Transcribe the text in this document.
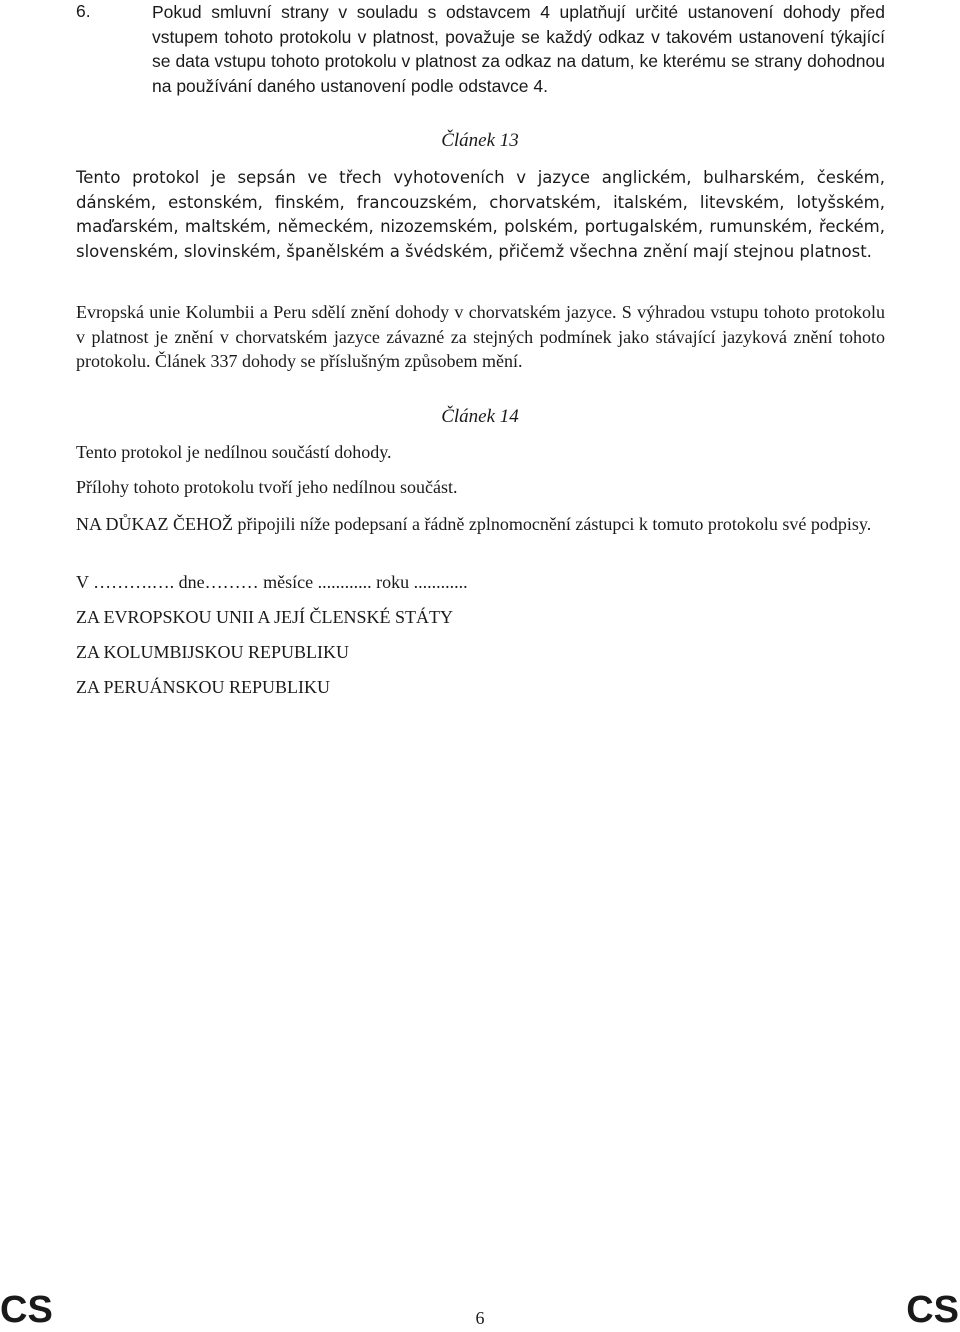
6.	Pokud smluvní strany v souladu s odstavcem 4 uplatňují určité ustanovení dohody před vstupem tohoto protokolu v platnost, považuje se každý odkaz v takovém ustanovení týkající se data vstupu tohoto protokolu v platnost za odkaz na datum, ke kterému se strany dohodnou na používání daného ustanovení podle odstavce 4.
Článek 13
Tento protokol je sepsán ve třech vyhotoveních v jazyce anglickém, bulharském, českém, dánském, estonském, finském, francouzském, chorvatském, italském, litevském, lotyšském, maďarském, maltském, německém, nizozemském, polském, portugalském, rumunském, řeckém, slovenském, slovinském, španělském a švédském, přičemž všechna znění mají stejnou platnost.
Evropská unie Kolumbii a Peru sdělí znění dohody v chorvatském jazyce. S výhradou vstupu tohoto protokolu v platnost je znění v chorvatském jazyce závazné za stejných podmínek jako stávající jazyková znění tohoto protokolu. Článek 337 dohody se příslušným způsobem mění.
Článek 14
Tento protokol je nedílnou součástí dohody.
Přílohy tohoto protokolu tvoří jeho nedílnou součást.
NA DŮKAZ ČEHOŽ připojili níže podepsaní a řádně zplnomocnění zástupci k tomuto protokolu své podpisy.
V ……….…. dne……… měsíce ............ roku ............
ZA EVROPSKOU UNII A JEJÍ ČLENSKÉ STÁTY
ZA KOLUMBIJSKOU REPUBLIKU
ZA PERUÁNSKOU REPUBLIKU
CS	6	CS
